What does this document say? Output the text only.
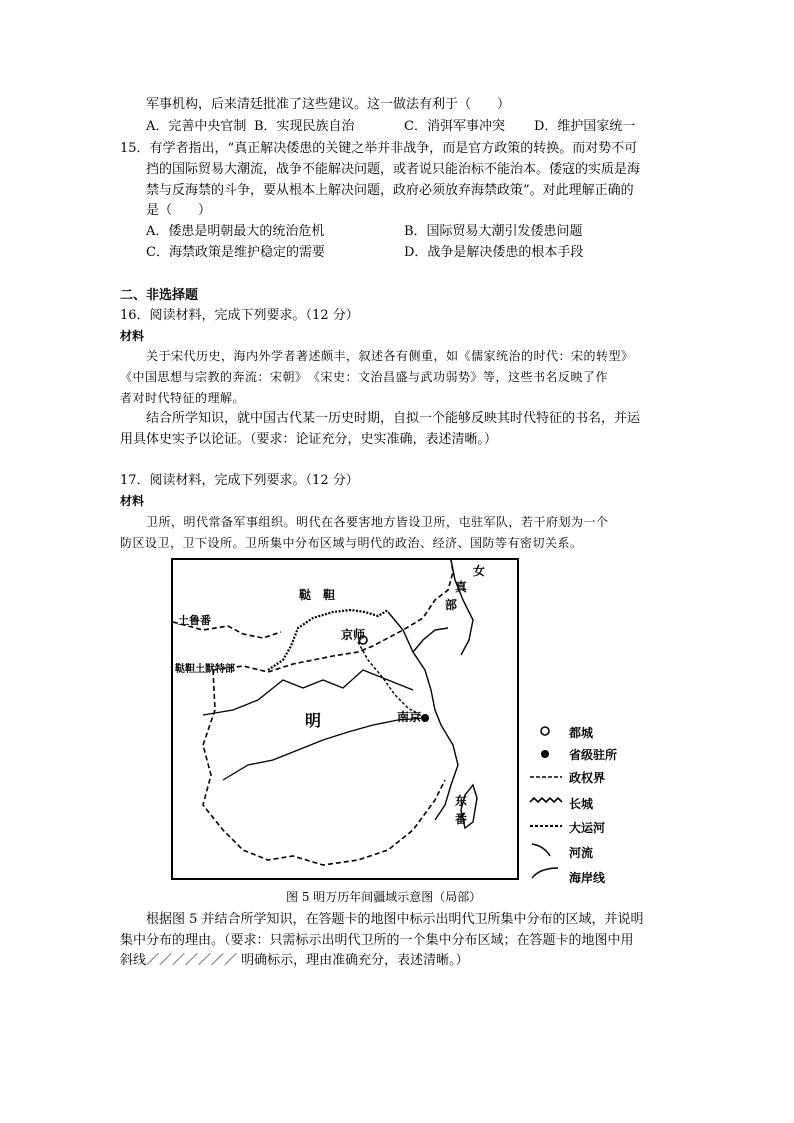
军事机构，后来清廷批准了这些建议。这一做法有利于（　　）
A．完善中央官制 B．实现民族自治	C．消弭军事冲突 D．维护国家统一
15．有学者指出，“真正解决倭患的关键之举并非战争，而是官方政策的转换。而对势不可
挡的国际贸易大潮流，战争不能解决问题，或者说只能治标不能治本。倭寇的实质是海
禁与反海禁的斗争，要从根本上解决问题，政府必须放弃海禁政策”。对此理解正确的
是（　　）
A．倭患是明朝最大的统治危机	B．国际贸易大潮引发倭患问题
C．海禁政策是维护稳定的需要	D．战争是解决倭患的根本手段
二、非选择题
16．阅读材料，完成下列要求。（12 分）
材料
关于宋代历史，海内外学者著述颇丰，叙述各有侧重，如《儒家统治的时代：宋的转型》
《中国思想与宗教的奔流：宋朝》　《宋史：文治昌盛与武功弱势》等，这些书名反映了作
者对时代特征的理解。
结合所学知识，就中国古代某一历史时期，自拟一个能够反映其时代特征的书名，并运
用具体史实予以论证。（要求：论证充分，史实准确，表述清晰。）
17．阅读材料，完成下列要求。（12 分）
材料
卫所，明代常备军事组织。明代在各要害地方皆设卫所，屯驻军队，若干府划为一个
防区设卫，卫下设所。卫所集中分布区域与明代的政治、经济、国防等有密切关系。
鞑　靼
土鲁番
鞑靼土默特部
京师
南京
明
女
真
部
东
番
都城
省级驻所
政权界
长城
大运河
河流
海岸线
图 5 明万历年间疆域示意图（局部）
根据图 5 并结合所学知识，在答题卡的地图中标示出明代卫所集中分布的区域，并说明
集中分布的理由。（要求：只需标示出明代卫所的一个集中分布区域；在答题卡的地图中用
斜线／／／／／／／ 明确标示，理由准确充分，表述清晰。）
